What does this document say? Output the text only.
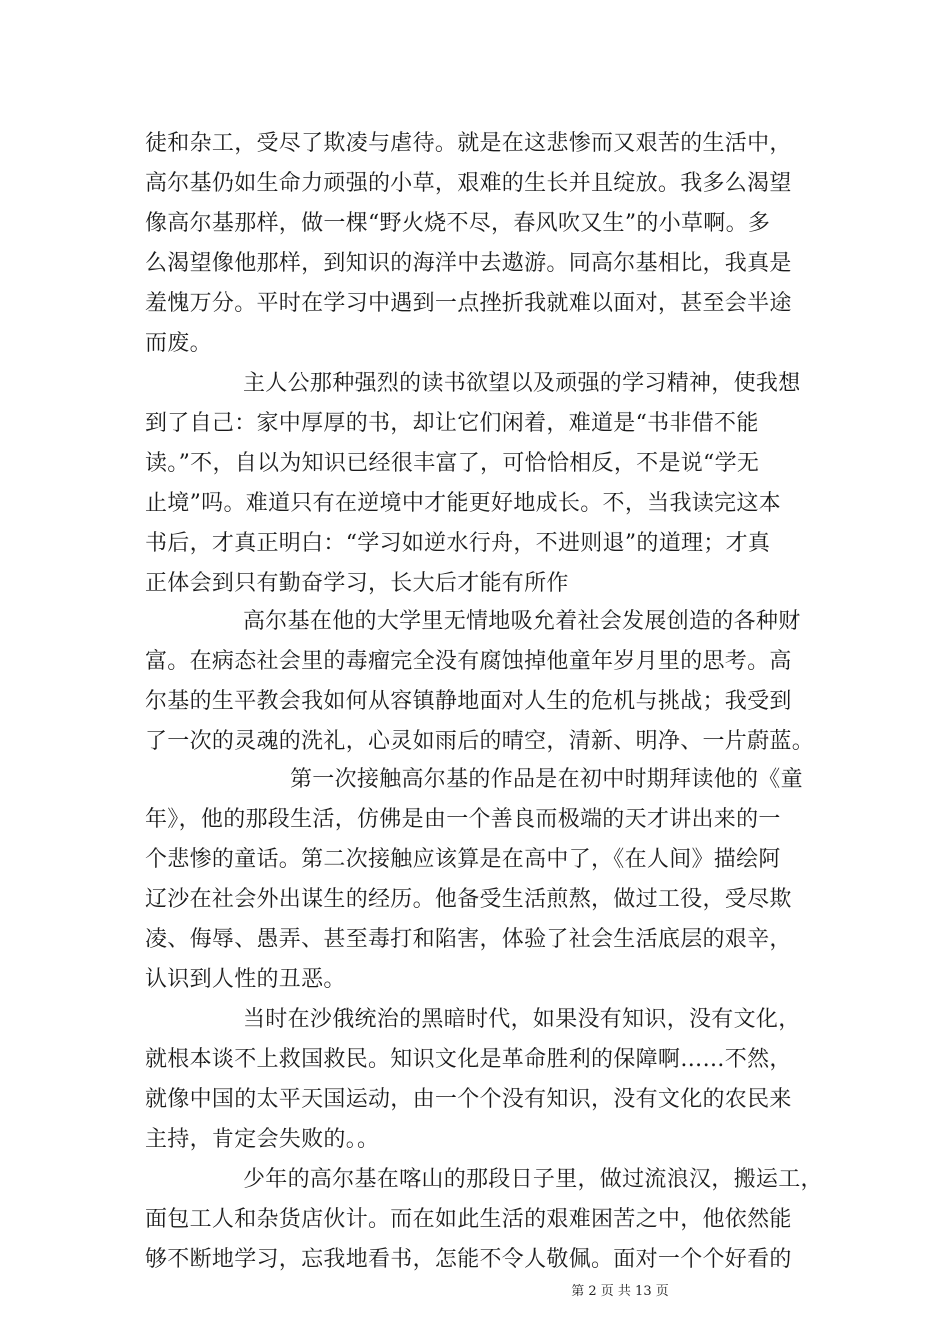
徒和杂工，受尽了欺凌与虐待。就是在这悲惨而又艰苦的生活中，
高尔基仍如生命力顽强的小草，艰难的生长并且绽放。我多么渴望
像高尔基那样，做一棵“野火烧不尽，春风吹又生”的小草啊。多
么渴望像他那样，到知识的海洋中去遨游。同高尔基相比，我真是
羞愧万分。平时在学习中遇到一点挫折我就难以面对，甚至会半途
而废。
主人公那种强烈的读书欲望以及顽强的学习精神，使我想
到了自己：家中厚厚的书，却让它们闲着，难道是“书非借不能
读。”不，自以为知识已经很丰富了，可恰恰相反，不是说“学无
止境”吗。难道只有在逆境中才能更好地成长。不，当我读完这本
书后，才真正明白：“学习如逆水行舟，不进则退”的道理；才真
正体会到只有勤奋学习，长大后才能有所作
高尔基在他的大学里无情地吸允着社会发展创造的各种财
富。在病态社会里的毒瘤完全没有腐蚀掉他童年岁月里的思考。高
尔基的生平教会我如何从容镇静地面对人生的危机与挑战；我受到
了一次的灵魂的洗礼，心灵如雨后的晴空，清新、明净、一片蔚蓝。
第一次接触高尔基的作品是在初中时期拜读他的《童
年》，他的那段生活，仿佛是由一个善良而极端的天才讲出来的一
个悲惨的童话。第二次接触应该算是在高中了，《在人间》描绘阿
辽沙在社会外出谋生的经历。他备受生活煎熬，做过工役，受尽欺
凌、侮辱、愚弄、甚至毒打和陷害，体验了社会生活底层的艰辛，
认识到人性的丑恶。
当时在沙俄统治的黑暗时代，如果没有知识，没有文化，
就根本谈不上救国救民。知识文化是革命胜利的保障啊……不然，
就像中国的太平天国运动，由一个个没有知识，没有文化的农民来
主持，肯定会失败的。。
少年的高尔基在喀山的那段日子里，做过流浪汉，搬运工，
面包工人和杂货店伙计。而在如此生活的艰难困苦之中，他依然能
够不断地学习，忘我地看书，怎能不令人敬佩。面对一个个好看的
第 2 页 共 13 页
